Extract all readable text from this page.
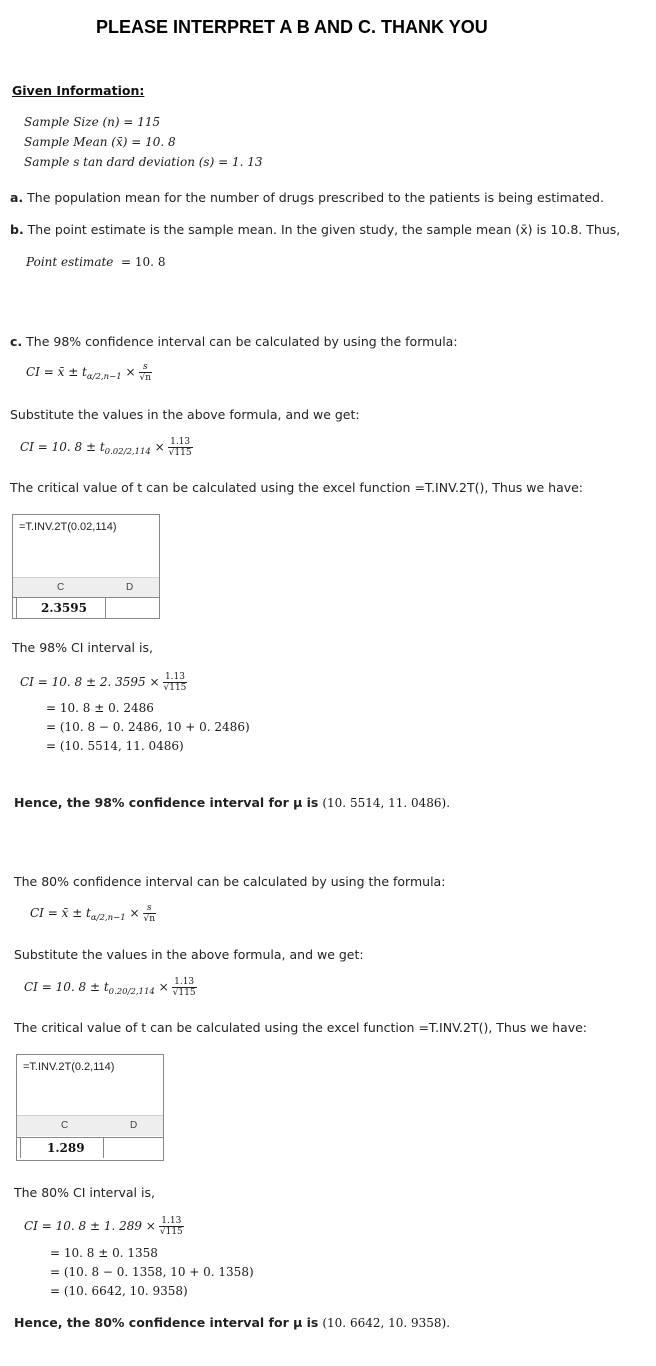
PLEASE INTERPRET A B AND C. THANK YOU
Given Information:
Sample Size (n) = 115
Sample Mean (x̄) = 10. 8
Sample s tan dard deviation (s) = 1. 13
a. The population mean for the number of drugs prescribed to the patients is being estimated.
b. The point estimate is the sample mean. In the given study, the sample mean (x̄) is 10.8. Thus,
Point estimate = 10. 8
c. The 98% confidence interval can be calculated by using the formula:
CI = x̄ ± $t_{\alpha/2,n-1} \times \frac{s}{√n}$
Substitute the values in the above formula, and we get:
CI = 10. $8 \pm t_{0.02/2,114} \times \frac{1.13}{√115}$
The critical value of t can be calculated using the excel function =T.INV.2T(), Thus we have:
=T.INV.2T(0.02,114)
C	D
2.3595
The 98% CI interval is,
CI = 10. 8 ± 2. $3595 \times \frac{1.13}{√115}$
= 10. 8 ± 0. 2486
= (10. 8 − 0. 2486, 10 + 0. 2486)
= (10. 5514, 11. 0486)
Hence, the 98% confidence interval for μ is (10. 5514, 11. 0486).
The 80% confidence interval can be calculated by using the formula:
CI = x̄ ± $t_{\alpha/2,n-1} \times \frac{s}{√n}$
Substitute the values in the above formula, and we get:
CI = 10. $8 \pm t_{0.20/2,114} \times \frac{1.13}{√115}$
The critical value of t can be calculated using the excel function =T.INV.2T(), Thus we have:
=T.INV.2T(0.2,114)
C	D
1.289
The 80% CI interval is,
CI = 10. 8 ± 1. $289 \times \frac{1.13}{√115}$
= 10. 8 ± 0. 1358
= (10. 8 − 0. 1358, 10 + 0. 1358)
= (10. 6642, 10. 9358)
Hence, the 80% confidence interval for μ is (10. 6642, 10. 9358).
